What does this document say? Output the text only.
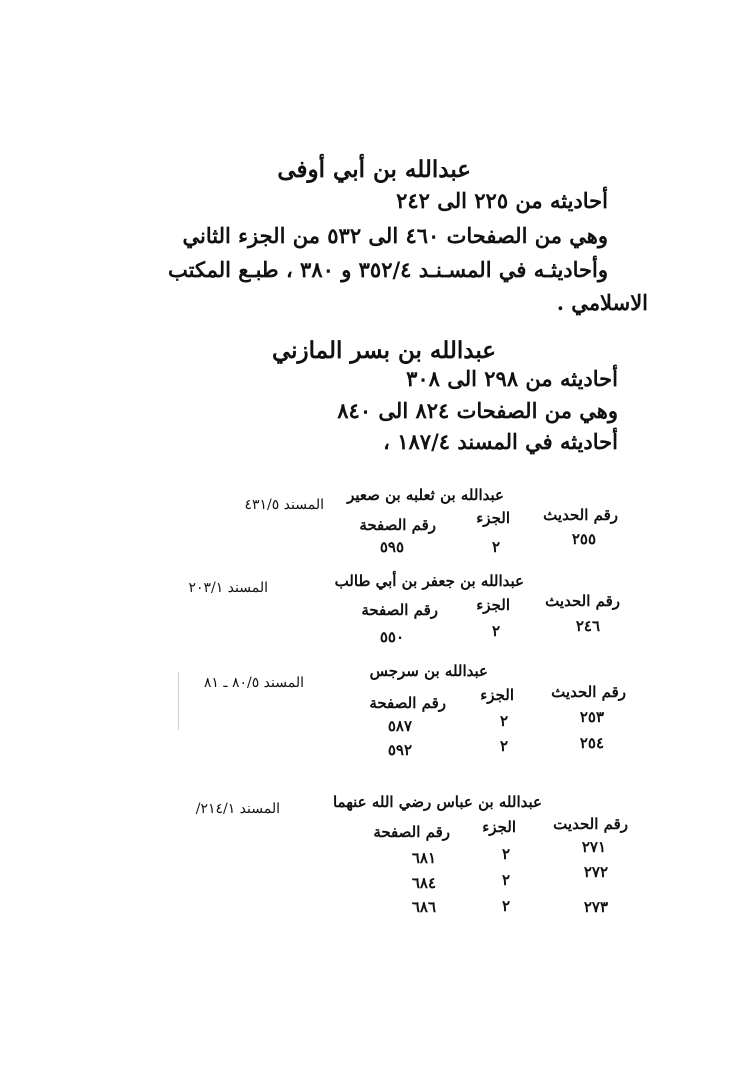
عبدالله بن أبي أوفى
أحاديثه من ٢٢٥ الى ٢٤٢
وهي من الصفحات ٤٦٠ الى ٥٣٢ من الجزء الثاني
وأحاديثـه في المسـنـد ٣٥٢/٤ و ٣٨٠ ، طبـع المكتب
الاسلامي .
عبدالله بن بسر المازني
أحاديثه من ٢٩٨ الى ٣٠٨
وهي من الصفحات ٨٢٤ الى ٨٤٠
أحاديثه في المسند ١٨٧/٤ ،
عبدالله بن ثعلبه بن صعير
المسند ٤٣١/٥
رقم الحديث
الجزء
رقم الصفحة
٢٥٥
٢
٥٩٥
عبدالله بن جعفر بن أبي طالب
المسند ٢٠٣/١
رقم الحديث
الجزء
رقم الصفحة
٢٤٦
٢
٥٥٠
عبدالله بن سرجس
المسند ٨٠/٥ ـ ٨١	رقم الحديث
الجزء
رقم الصفحة
٢٥٣
٢
٥٨٧
٢٥٤
٢
٥٩٢
عبدالله بن عباس رضي الله عنهما
المسند ٢١٤/١/
رقم الحديت
الجزء
رقم الصفحة
٢٧١
٢
٦٨١
٢٧٢
٢
٦٨٤
٢٧٣
٢
٦٨٦
